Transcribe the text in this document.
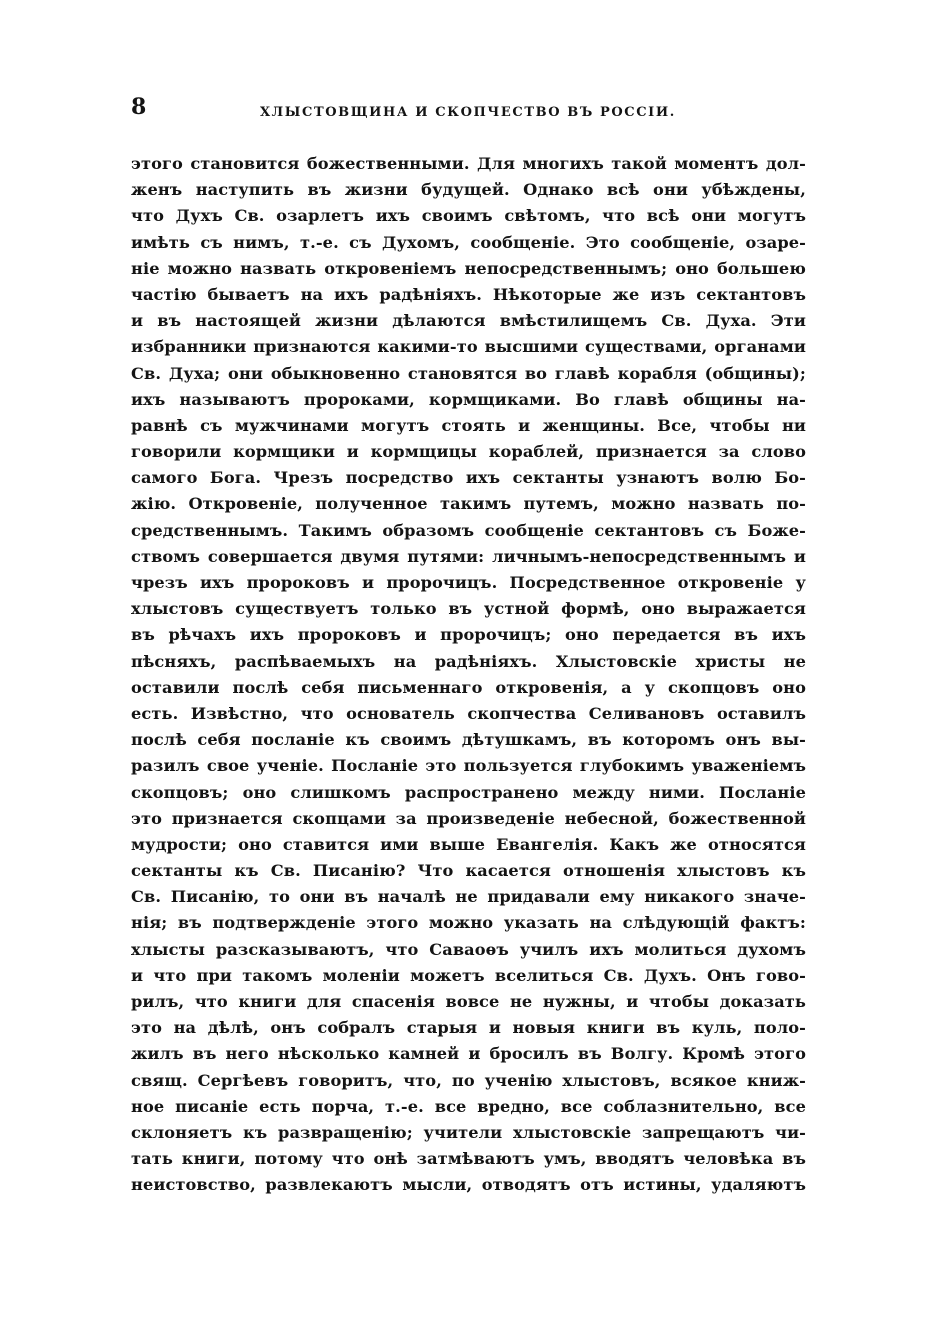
8	ХЛЫСТОВЩИНА И СКОПЧЕСТВО ВЪ РОССІИ.
этого становится божественными. Для многихъ такой моментъ дол-
женъ наступить въ жизни будущей. Однако всѣ они убѣждены,
что Духъ Св. озарлетъ ихъ своимъ свѣтомъ, что всѣ они могутъ
имѣть съ нимъ, т.-е. съ Духомъ, сообщеніе. Это сообщеніе, озаре-
ніе можно назвать откровеніемъ непосредственнымъ; оно большею
частію бываетъ на ихъ радѣніяхъ. Нѣкоторые же изъ сектантовъ
и въ настоящей жизни дѣлаются вмѣстилищемъ Св. Духа. Эти
избранники признаются какими-то высшими существами, органами
Св. Духа; они обыкновенно становятся во главѣ корабля (общины);
ихъ называютъ пророками, кормщиками. Во главѣ общины на-
равнѣ съ мужчинами могутъ стоять и женщины. Все, чтобы ни
говорили кормщики и кормщицы кораблей, признается за слово
самого Бога. Чрезъ посредство ихъ сектанты узнаютъ волю Бо-
жію. Откровеніе, полученное такимъ путемъ, можно назвать по-
средственнымъ. Такимъ образомъ сообщеніе сектантовъ съ Боже-
ствомъ совершается двумя путями: личнымъ-непосредственнымъ и
чрезъ ихъ пророковъ и пророчицъ. Посредственное откровеніе у
хлыстовъ существуетъ только въ устной формѣ, оно выражается
въ рѣчахъ ихъ пророковъ и пророчицъ; оно передается въ ихъ
пѣсняхъ, распѣваемыхъ на радѣніяхъ. Хлыстовскіе христы не
оставили послѣ себя письменнаго откровенія, а у скопцовъ оно
есть. Извѣстно, что основатель скопчества Селивановъ оставилъ
послѣ себя посланіе къ своимъ дѣтушкамъ, въ которомъ онъ вы-
разилъ свое ученіе. Посланіе это пользуется глубокимъ уваженіемъ
скопцовъ; оно слишкомъ распространено между ними. Посланіе
это признается скопцами за произведеніе небесной, божественной
мудрости; оно ставится ими выше Евангелія. Какъ же относятся
сектанты къ Св. Писанію? Что касается отношенія хлыстовъ къ
Св. Писанію, то они въ началѣ не придавали ему никакого значе-
нія; въ подтвержденіе этого можно указать на слѣдующій фактъ:
хлысты разсказываютъ, что Саваоѳъ училъ ихъ молиться духомъ
и что при такомъ моленіи можетъ вселиться Св. Духъ. Онъ гово-
рилъ, что книги для спасенія вовсе не нужны, и чтобы доказать
это на дѣлѣ, онъ собралъ старыя и новыя книги въ куль, поло-
жилъ въ него нѣсколько камней и бросилъ въ Волгу. Кромѣ этого
свящ. Сергѣевъ говоритъ, что, по ученію хлыстовъ, всякое книж-
ное писаніе есть порча, т.-е. все вредно, все соблазнительно, все
склоняетъ къ развращенію; учители хлыстовскіе запрещаютъ чи-
тать книги, потому что онѣ затмѣваютъ умъ, вводятъ человѣка въ
неистовство, развлекаютъ мысли, отводятъ отъ истины, удаляютъ
